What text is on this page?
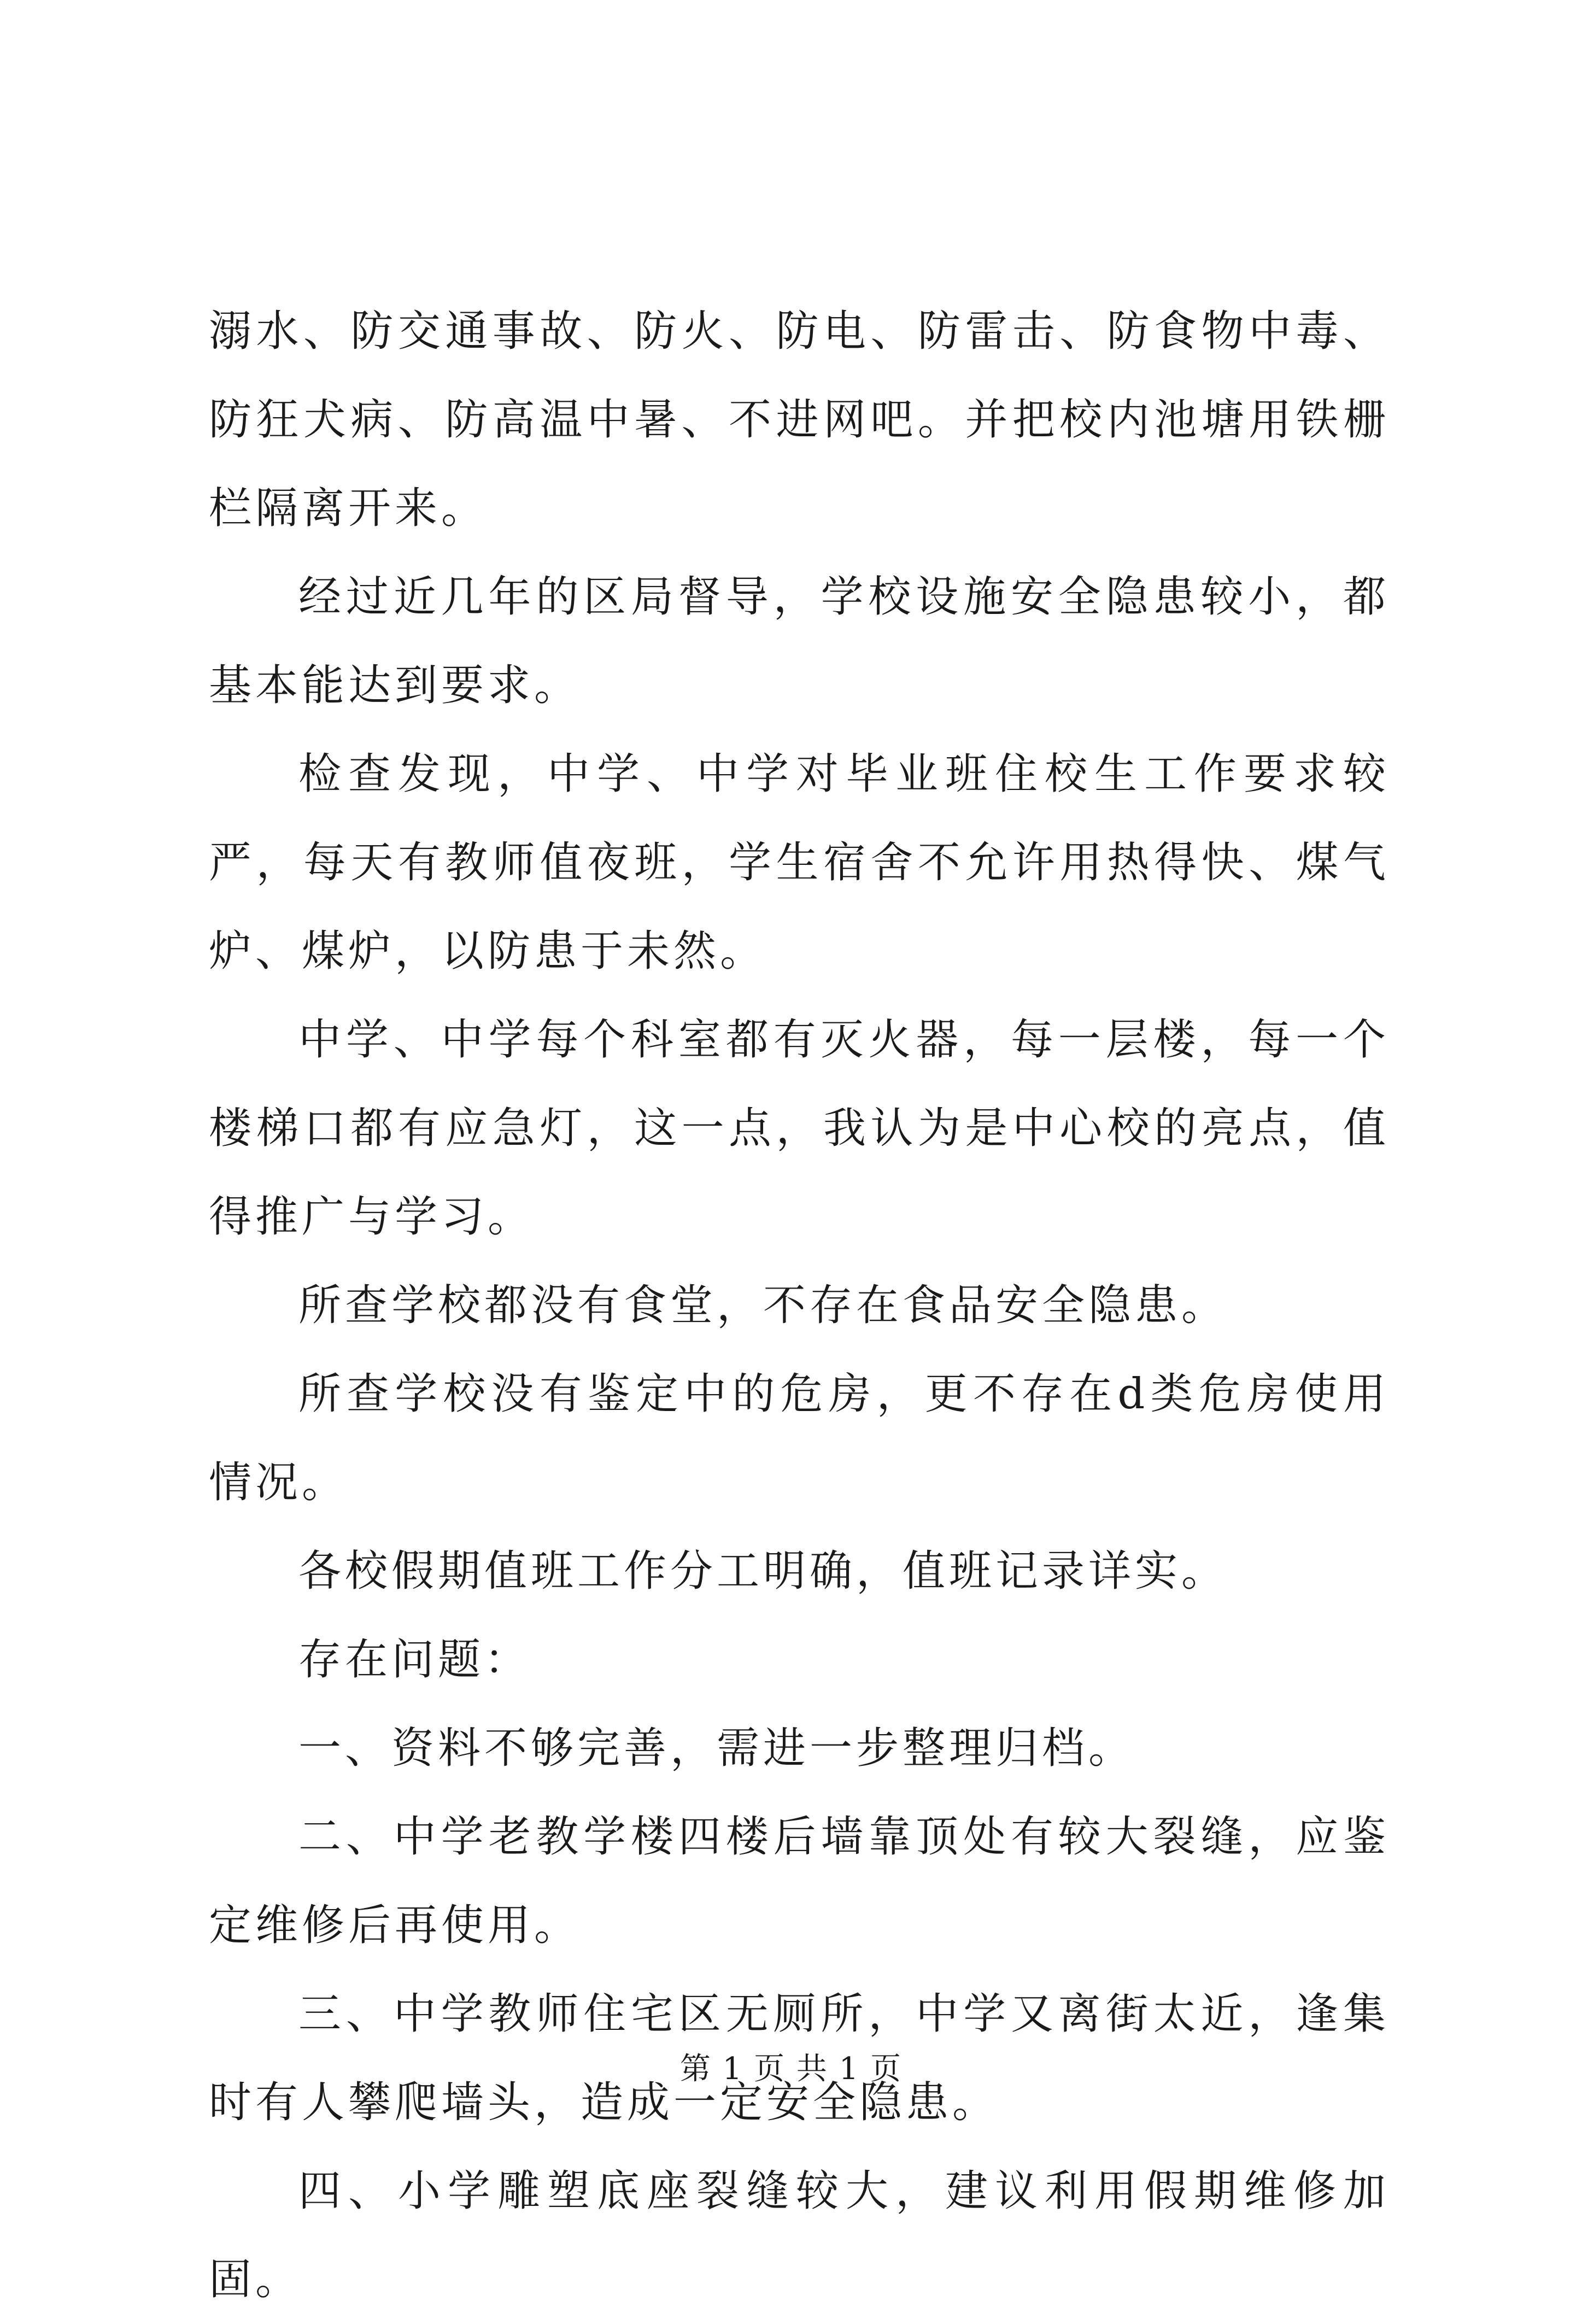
溺水、防交通事故、防火、防电、防雷击、防食物中毒、防狂犬病、防高温中暑、不进网吧。并把校内池塘用铁栅栏隔离开来。

经过近几年的区局督导，学校设施安全隐患较小，都基本能达到要求。

检查发现，中学、中学对毕业班住校生工作要求较严，每天有教师值夜班，学生宿舍不允许用热得快、煤气炉、煤炉，以防患于未然。

中学、中学每个科室都有灭火器，每一层楼，每一个楼梯口都有应急灯，这一点，我认为是中心校的亮点，值得推广与学习。

所查学校都没有食堂，不存在食品安全隐患。

所查学校没有鉴定中的危房，更不存在d类危房使用情况。

各校假期值班工作分工明确，值班记录详实。

存在问题：

一、资料不够完善，需进一步整理归档。

二、中学老教学楼四楼后墙靠顶处有较大裂缝，应鉴定维修后再使用。

三、中学教师住宅区无厕所，中学又离街太近，逢集时有人攀爬墙头，造成一定安全隐患。

四、小学雕塑底座裂缝较大，建议利用假期维修加固。

第 1 页 共 1 页
